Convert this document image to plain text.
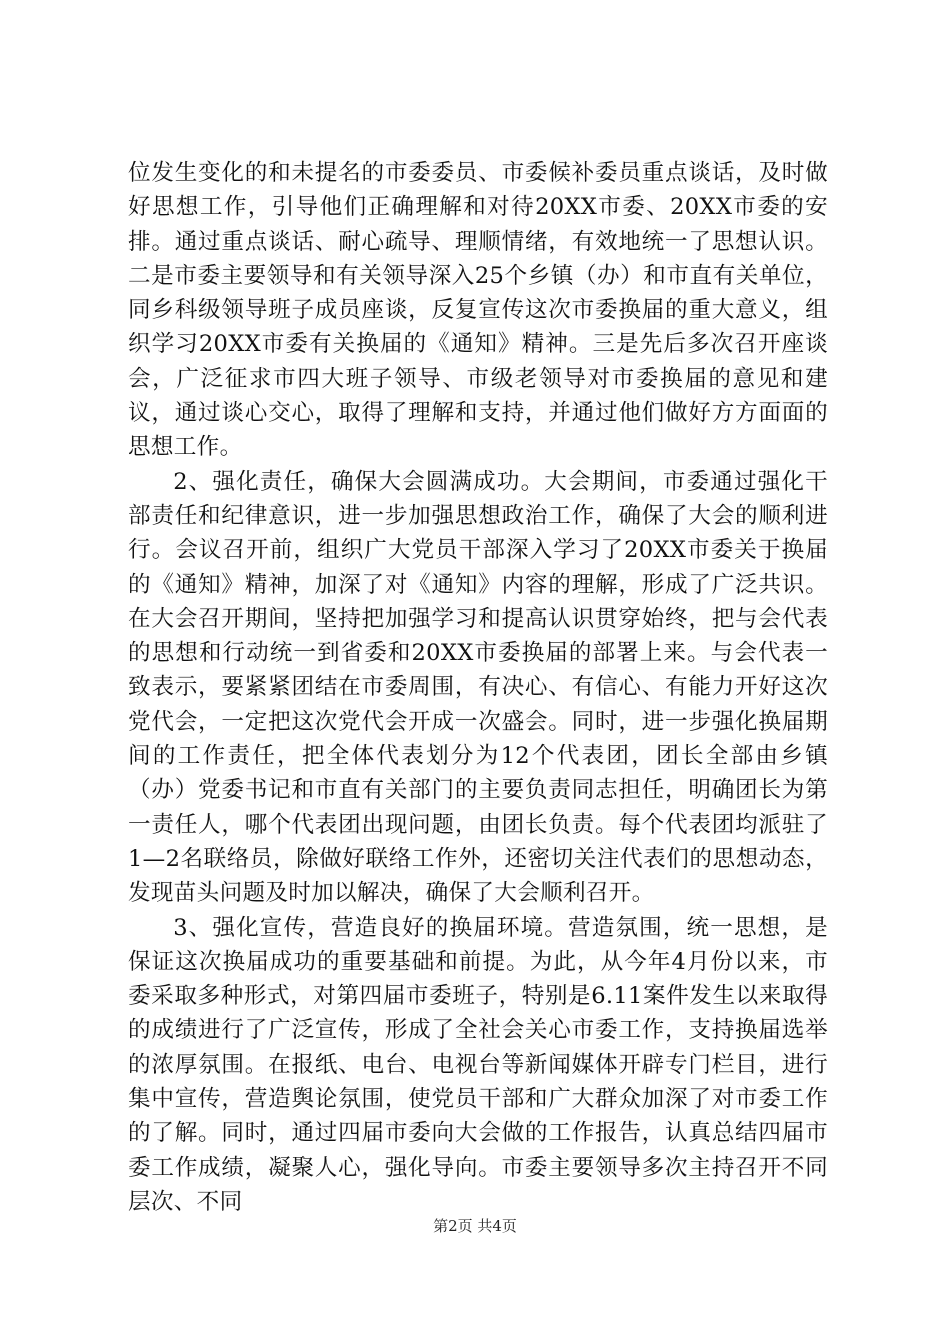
位发生变化的和未提名的市委委员、市委候补委员重点谈话，及时做好思想工作，引导他们正确理解和对待20XX市委、20XX市委的安排。通过重点谈话、耐心疏导、理顺情绪，有效地统一了思想认识。二是市委主要领导和有关领导深入25个乡镇（办）和市直有关单位，同乡科级领导班子成员座谈，反复宣传这次市委换届的重大意义，组织学习20XX市委有关换届的《通知》精神。三是先后多次召开座谈会，广泛征求市四大班子领导、市级老领导对市委换届的意见和建议，通过谈心交心，取得了理解和支持，并通过他们做好方方面面的思想工作。

2、强化责任，确保大会圆满成功。大会期间，市委通过强化干部责任和纪律意识，进一步加强思想政治工作，确保了大会的顺利进行。会议召开前，组织广大党员干部深入学习了20XX市委关于换届的《通知》精神，加深了对《通知》内容的理解，形成了广泛共识。在大会召开期间，坚持把加强学习和提高认识贯穿始终，把与会代表的思想和行动统一到省委和20XX市委换届的部署上来。与会代表一致表示，要紧紧团结在市委周围，有决心、有信心、有能力开好这次党代会，一定把这次党代会开成一次盛会。同时，进一步强化换届期间的工作责任，把全体代表划分为12个代表团，团长全部由乡镇（办）党委书记和市直有关部门的主要负责同志担任，明确团长为第一责任人，哪个代表团出现问题，由团长负责。每个代表团均派驻了1—2名联络员，除做好联络工作外，还密切关注代表们的思想动态，发现苗头问题及时加以解决，确保了大会顺利召开。

3、强化宣传，营造良好的换届环境。营造氛围，统一思想，是保证这次换届成功的重要基础和前提。为此，从今年4月份以来，市委采取多种形式，对第四届市委班子，特别是6.11案件发生以来取得的成绩进行了广泛宣传，形成了全社会关心市委工作，支持换届选举的浓厚氛围。在报纸、电台、电视台等新闻媒体开辟专门栏目，进行集中宣传，营造舆论氛围，使党员干部和广大群众加深了对市委工作的了解。同时，通过四届市委向大会做的工作报告，认真总结四届市委工作成绩，凝聚人心，强化导向。市委主要领导多次主持召开不同层次、不同

第2页 共4页
